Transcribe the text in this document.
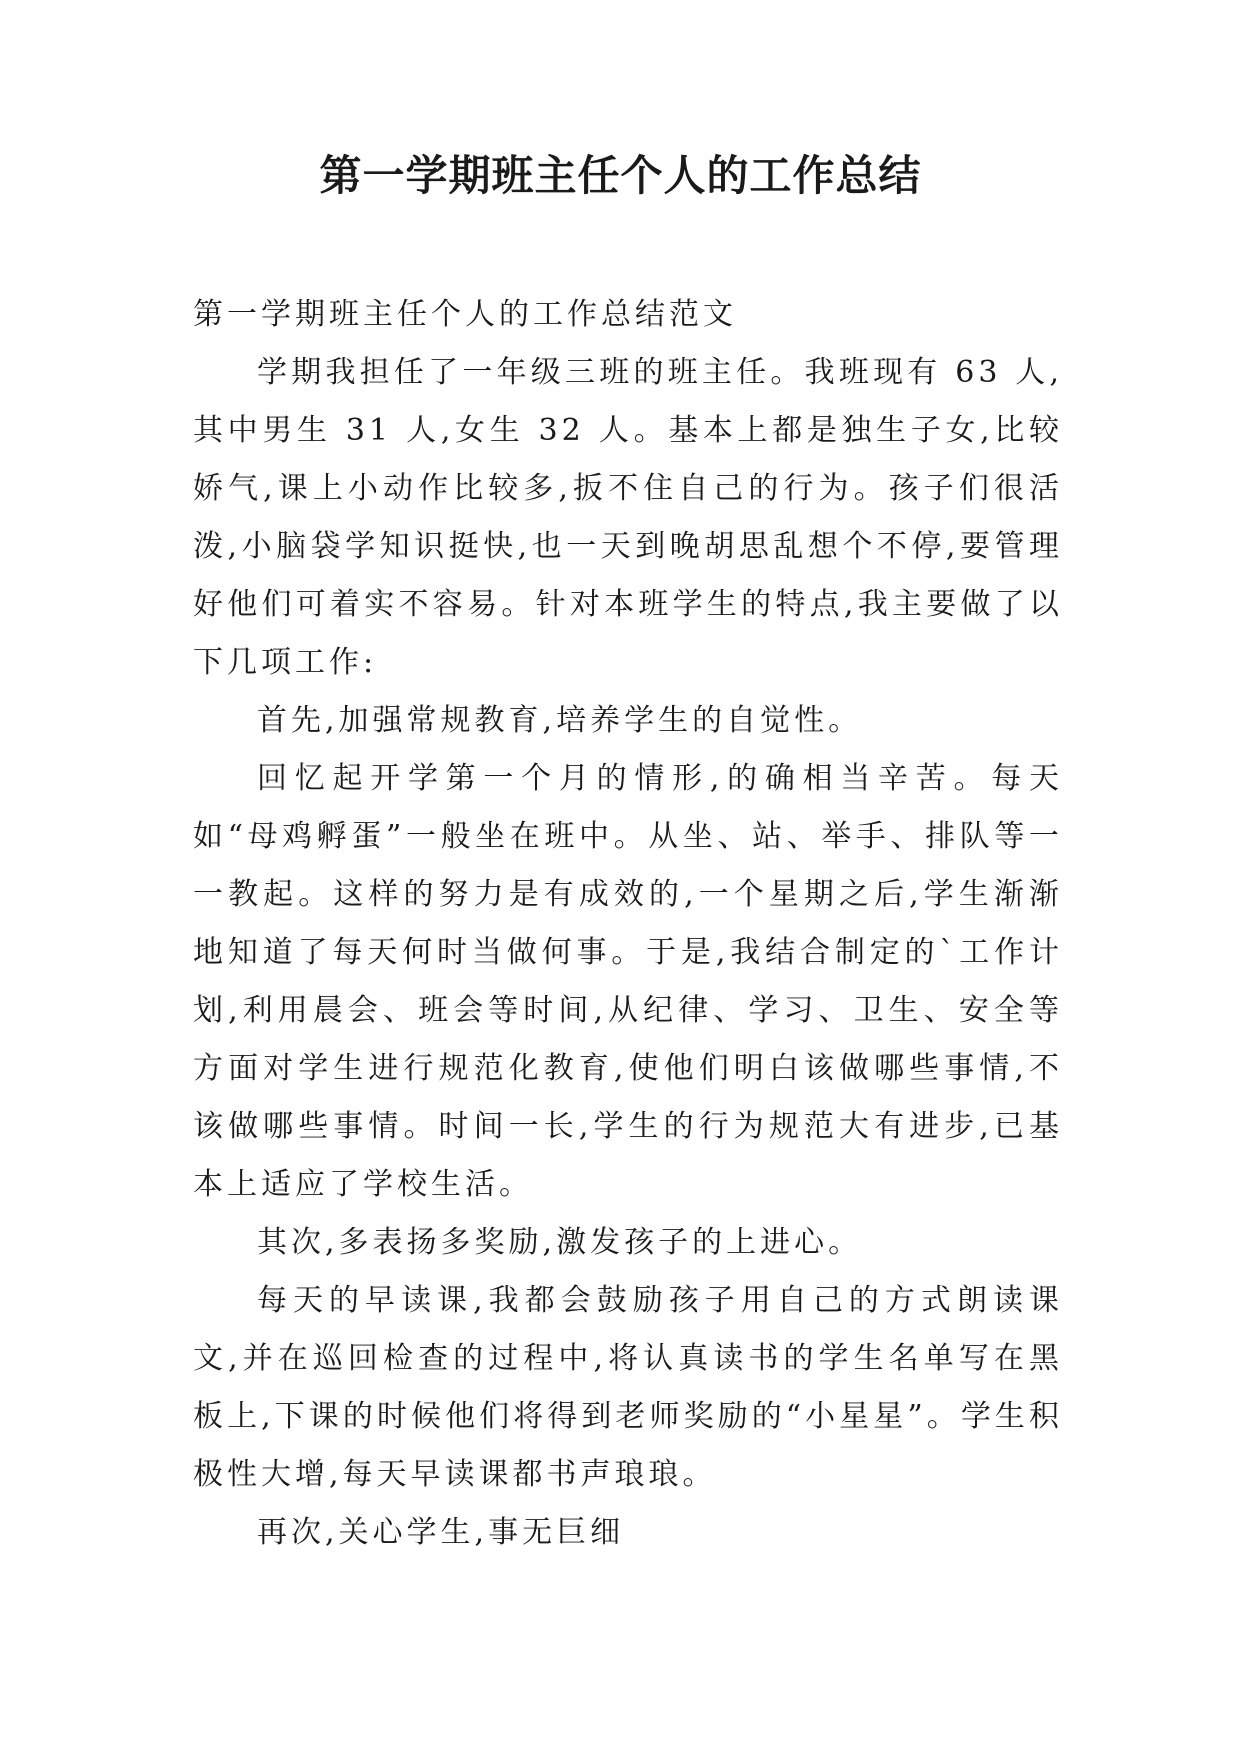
第一学期班主任个人的工作总结

第一学期班主任个人的工作总结范文

学期我担任了一年级三班的班主任。我班现有 63 人,其中男生 31 人,女生 32 人。基本上都是独生子女,比较娇气,课上小动作比较多,扳不住自己的行为。孩子们很活泼,小脑袋学知识挺快,也一天到晚胡思乱想个不停,要管理好他们可着实不容易。针对本班学生的特点,我主要做了以下几项工作:

首先,加强常规教育,培养学生的自觉性。

回忆起开学第一个月的情形,的确相当辛苦。每天如“母鸡孵蛋”一般坐在班中。从坐、站、举手、排队等一一教起。这样的努力是有成效的,一个星期之后,学生渐渐地知道了每天何时当做何事。于是,我结合制定的`工作计划,利用晨会、班会等时间,从纪律、学习、卫生、安全等方面对学生进行规范化教育,使他们明白该做哪些事情,不该做哪些事情。时间一长,学生的行为规范大有进步,已基本上适应了学校生活。

其次,多表扬多奖励,激发孩子的上进心。

每天的早读课,我都会鼓励孩子用自己的方式朗读课文,并在巡回检查的过程中,将认真读书的学生名单写在黑板上,下课的时候他们将得到老师奖励的“小星星”。学生积极性大增,每天早读课都书声琅琅。

再次,关心学生,事无巨细
